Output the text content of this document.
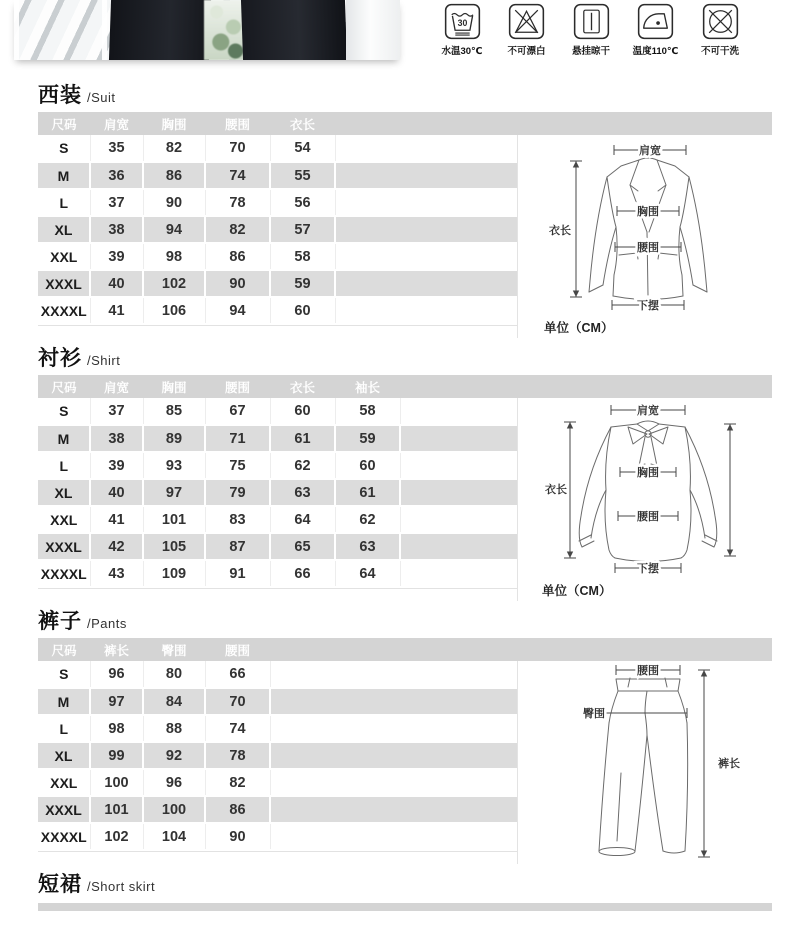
30
水温30℃	不可漂白	悬挂晾干 温度110℃ 不可干洗
西装 /Suit
尺码	肩宽	胸围	腰围	衣长	
S	35	82	70	54	
M	36	86	74	55	
L	37	90	78	56	
XL	38	94	82	57	
XXL	39	98	86	58	
XXXL	40	102	90	59	
XXXXL	41	106	94	60	
肩宽
衣长
胸围
腰围
下摆
单位（CM）
衬衫 /Shirt
尺码	肩宽	胸围	腰围	衣长	袖长	
S	37	85	67	60	58	
M	38	89	71	61	59	
L	39	93	75	62	60	
XL	40	97	79	63	61	
XXL	41	101	83	64	62	
XXXL	42	105	87	65	63	
XXXXL	43	109	91	66	64	
肩宽
衣长
胸围
腰围
下摆
单位（CM）
裤子 /Pants
尺码	裤长	臀围	腰围	
S	96	80	66	
M	97	84	70	
L	98	88	74	
XL	99	92	78	
XXL	100	96	82	
XXXL	101	100	86	
XXXXL	102	104	90	
腰围
臀围
裤长
短裙 /Short skirt
